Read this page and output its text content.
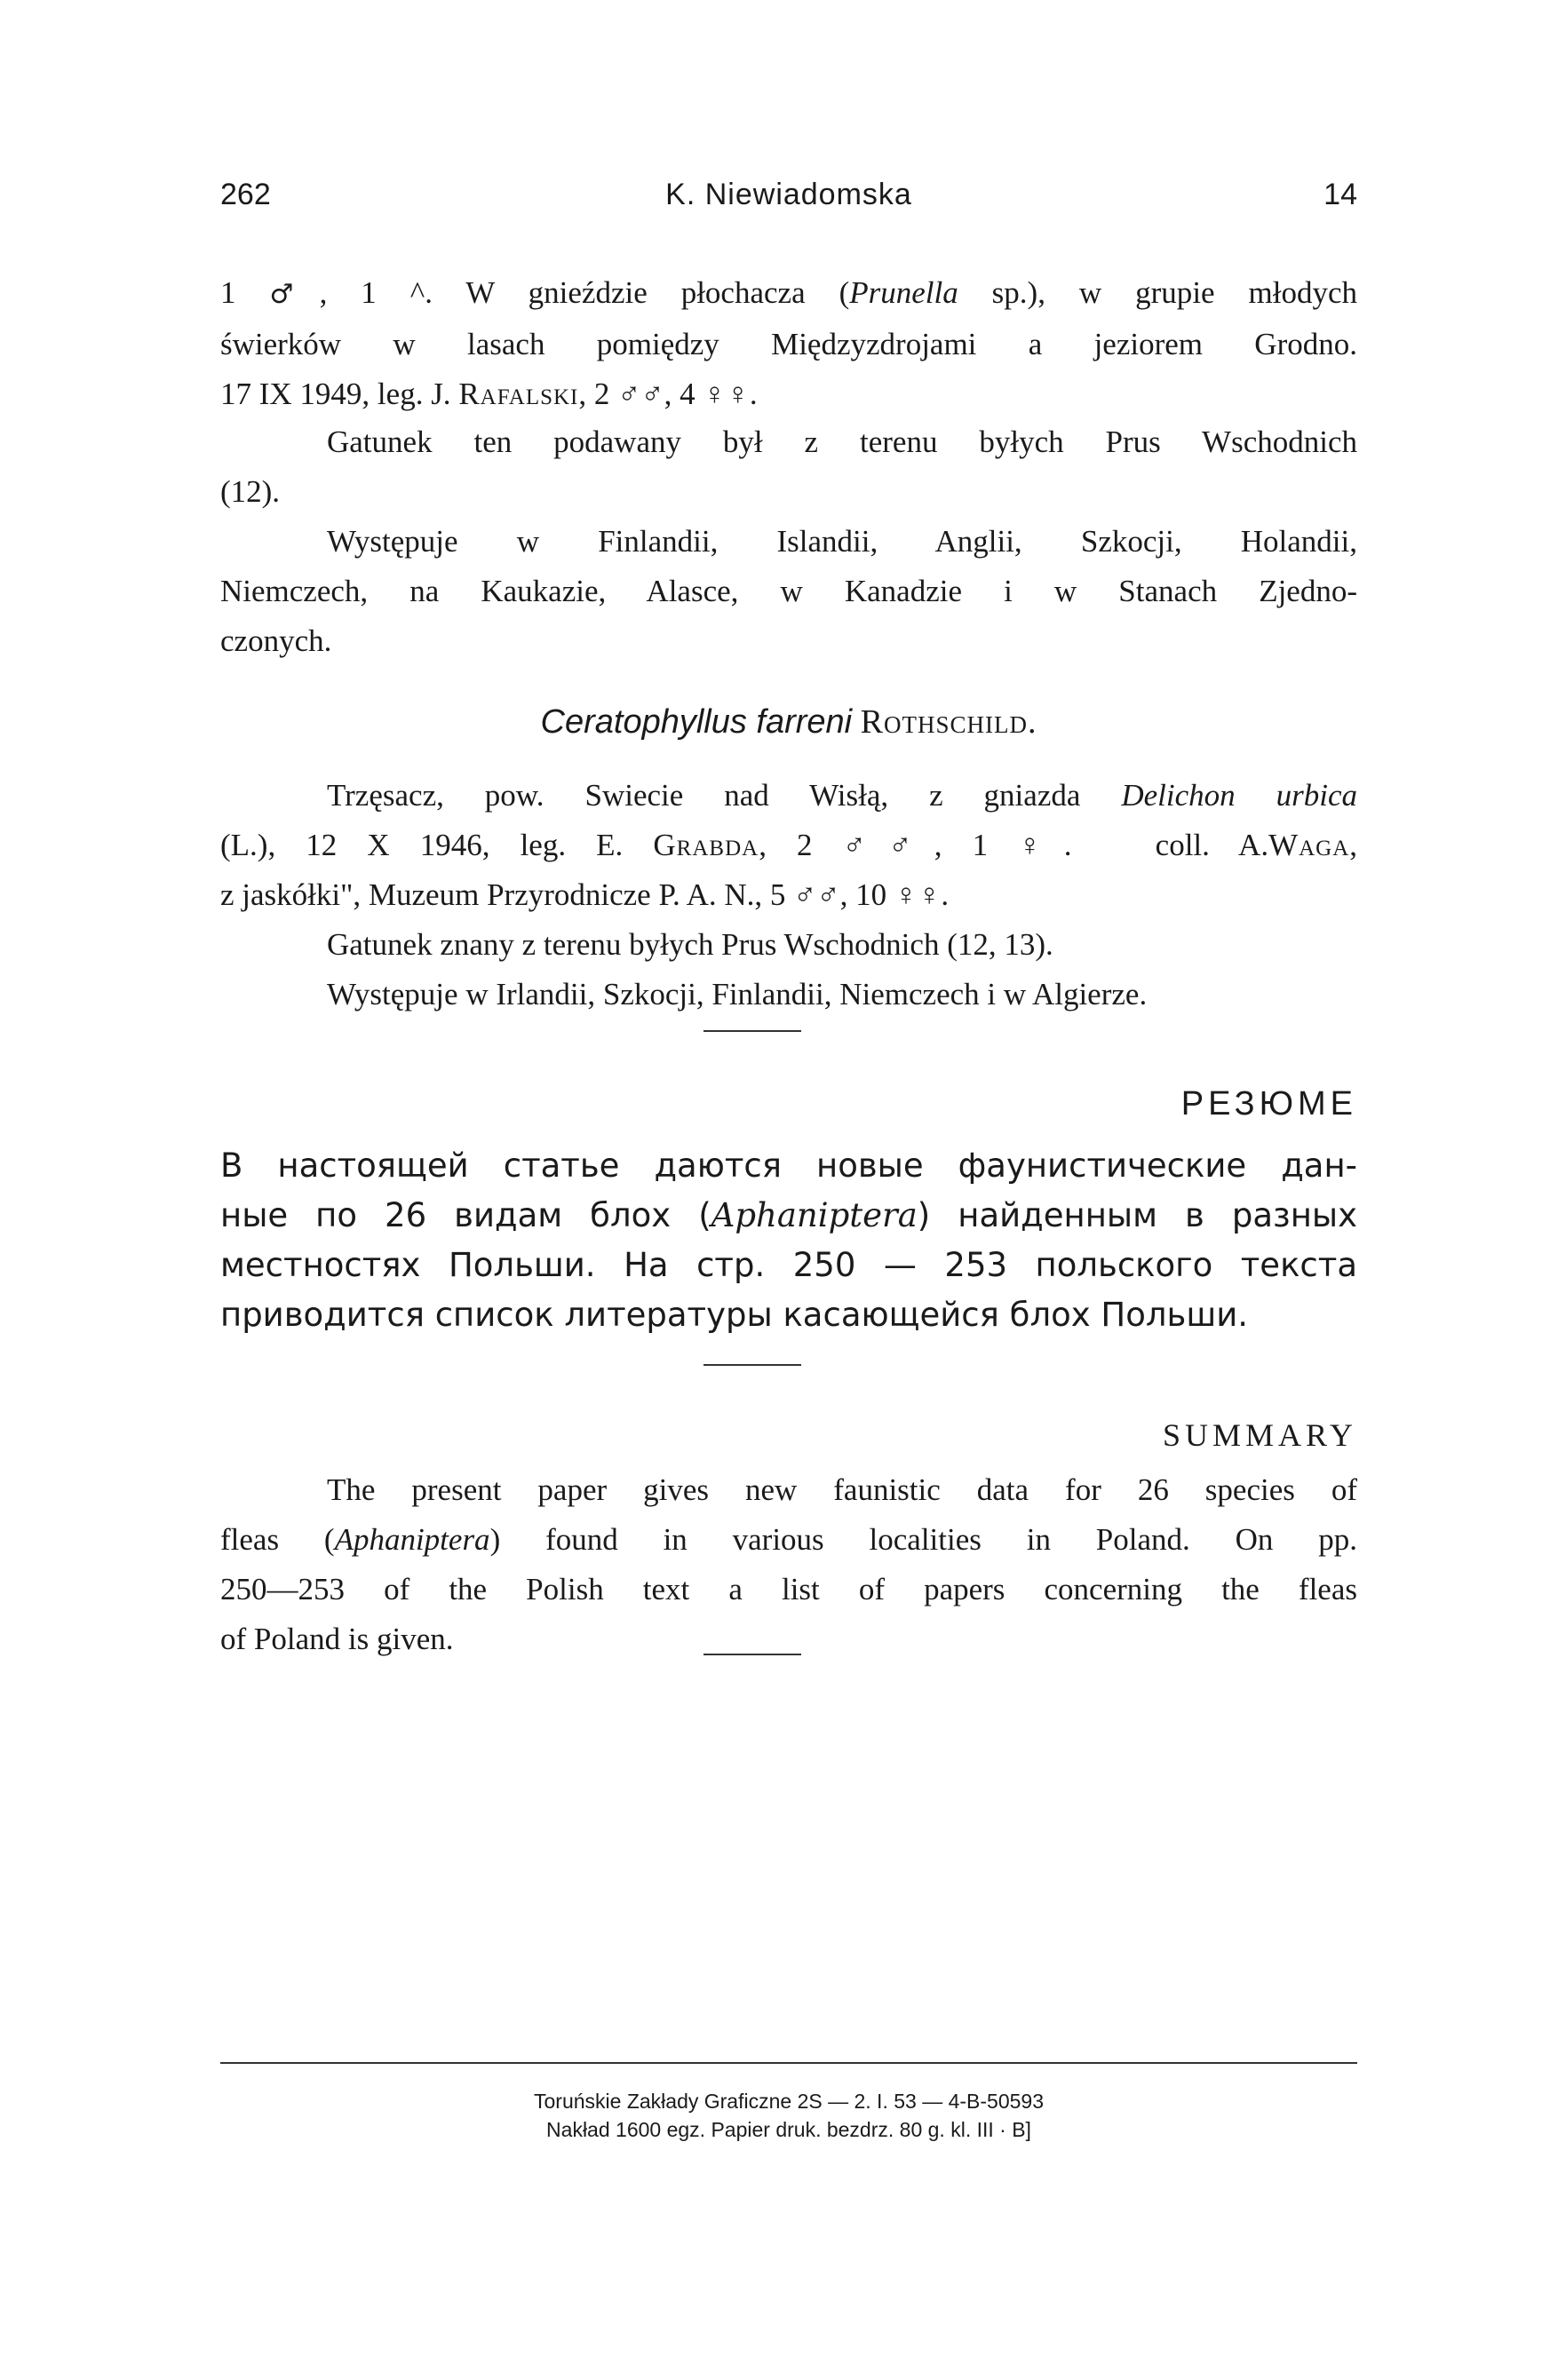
262	K. Niewiadomska	14
1 ♂, 1 ^. W gnieździe płochacza (Prunella sp.), w grupie młodych
świerków w lasach pomiędzy Międzyzdrojami a jeziorem Grodno.
17 IX 1949, leg. J. Rafalski, 2 ♂♂, 4 ♀♀.
Gatunek ten podawany był z terenu byłych Prus Wschodnich
(12).
Występuje w Finlandii, Islandii, Anglii, Szkocji, Holandii,
Niemczech, na Kaukazie, Alasce, w Kanadzie i w Stanach Zjedno-
czonych.
Ceratophyllus farreni Rothschild.
Trzęsacz, pow. Swiecie nad Wisłą, z gniazda Delichon urbica
(L.), 12 X 1946, leg. E. Grabda, 2 ♂♂, 1 ♀.	coll. A.Waga,
z jaskółki", Muzeum Przyrodnicze P. A. N., 5 ♂♂, 10 ♀♀.
Gatunek znany z terenu byłych Prus Wschodnich (12, 13).
Występuje w Irlandii, Szkocji, Finlandii, Niemczech i w Algierze.
РЕЗЮМЕ
В настоящей статье даются новые фаунистические дан-
ные по 26 видам блох (Aphaniptera) найденным в разных
местностях Польши. На стр. 250 — 253 польского текста
приводится список литературы касающейся блох Польши.
SUMMARY
The present paper gives new faunistic data for 26 species of
fleas (Aphaniptera) found in various localities in Poland. On pp.
250—253 of the Polish text a list of papers concerning the fleas
of Poland is given.
Toruńskie Zakłady Graficzne 2S — 2. I. 53 — 4-B-50593
Nakład 1600 egz. Papier druk. bezdrz. 80 g. kl. III · B]
